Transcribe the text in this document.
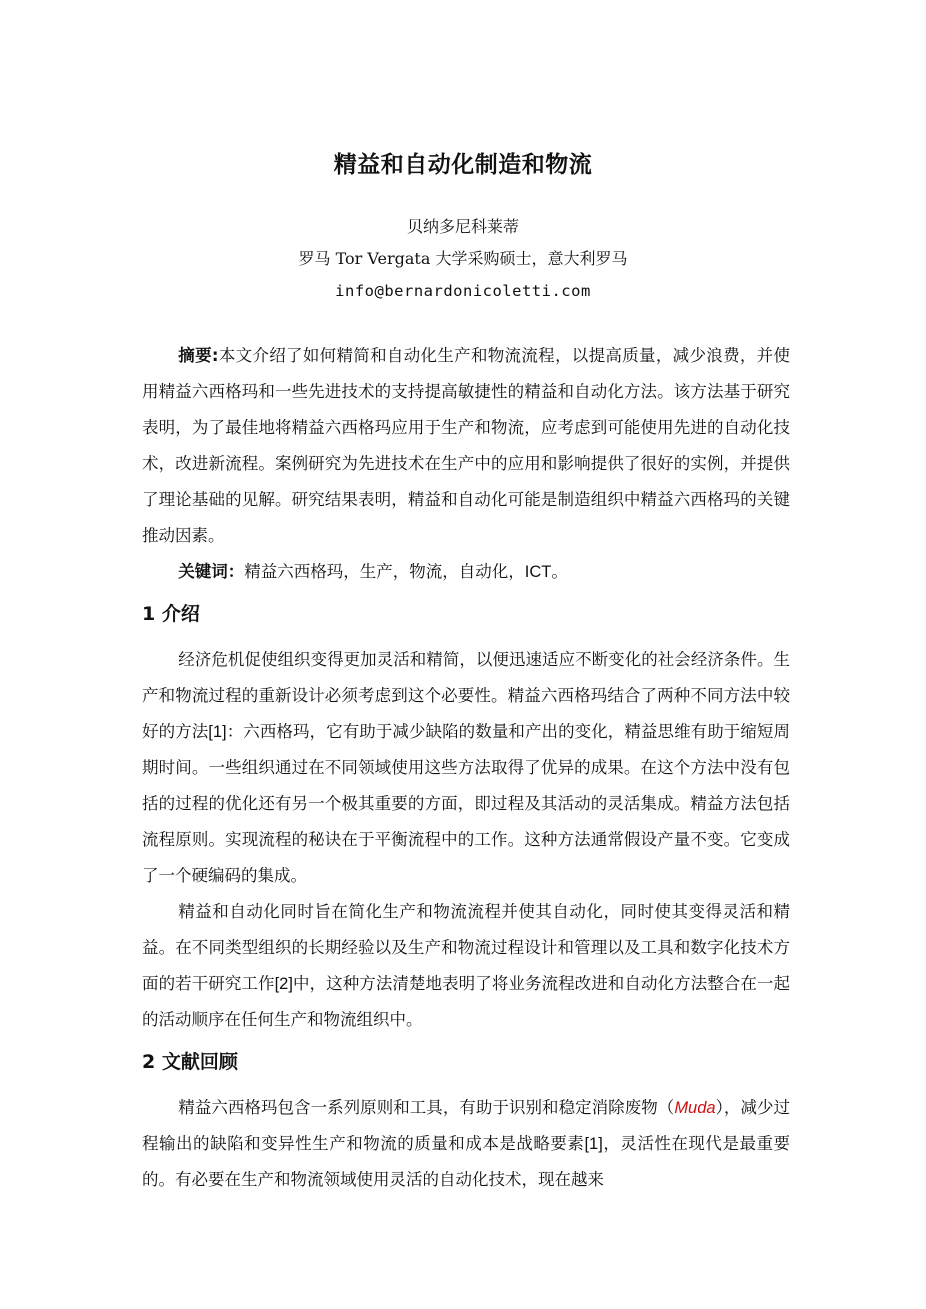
精益和自动化制造和物流

贝纳多尼科莱蒂

罗马 Tor Vergata 大学采购硕士，意大利罗马

info@bernardonicoletti.com

摘要:本文介绍了如何精简和自动化生产和物流流程，以提高质量，减少浪费，并使用精益六西格玛和一些先进技术的支持提高敏捷性的精益和自动化方法。该方法基于研究表明，为了最佳地将精益六西格玛应用于生产和物流，应考虑到可能使用先进的自动化技术，改进新流程。案例研究为先进技术在生产中的应用和影响提供了很好的实例，并提供了理论基础的见解。研究结果表明，精益和自动化可能是制造组织中精益六西格玛的关键推动因素。

关键词：精益六西格玛，生产，物流，自动化，ICT。

1 介绍

经济危机促使组织变得更加灵活和精简，以便迅速适应不断变化的社会经济条件。生产和物流过程的重新设计必须考虑到这个必要性。精益六西格玛结合了两种不同方法中较好的方法[1]：六西格玛，它有助于减少缺陷的数量和产出的变化，精益思维有助于缩短周期时间。一些组织通过在不同领域使用这些方法取得了优异的成果。在这个方法中没有包括的过程的优化还有另一个极其重要的方面，即过程及其活动的灵活集成。精益方法包括流程原则。实现流程的秘诀在于平衡流程中的工作。这种方法通常假设产量不变。它变成了一个硬编码的集成。

精益和自动化同时旨在简化生产和物流流程并使其自动化，同时使其变得灵活和精益。在不同类型组织的长期经验以及生产和物流过程设计和管理以及工具和数字化技术方面的若干研究工作[2]中，这种方法清楚地表明了将业务流程改进和自动化方法整合在一起的活动顺序在任何生产和物流组织中。

2 文献回顾

精益六西格玛包含一系列原则和工具，有助于识别和稳定消除废物（Muda），减少过程输出的缺陷和变异性生产和物流的质量和成本是战略要素[1]，灵活性在现代是最重要的。有必要在生产和物流领域使用灵活的自动化技术，现在越来
